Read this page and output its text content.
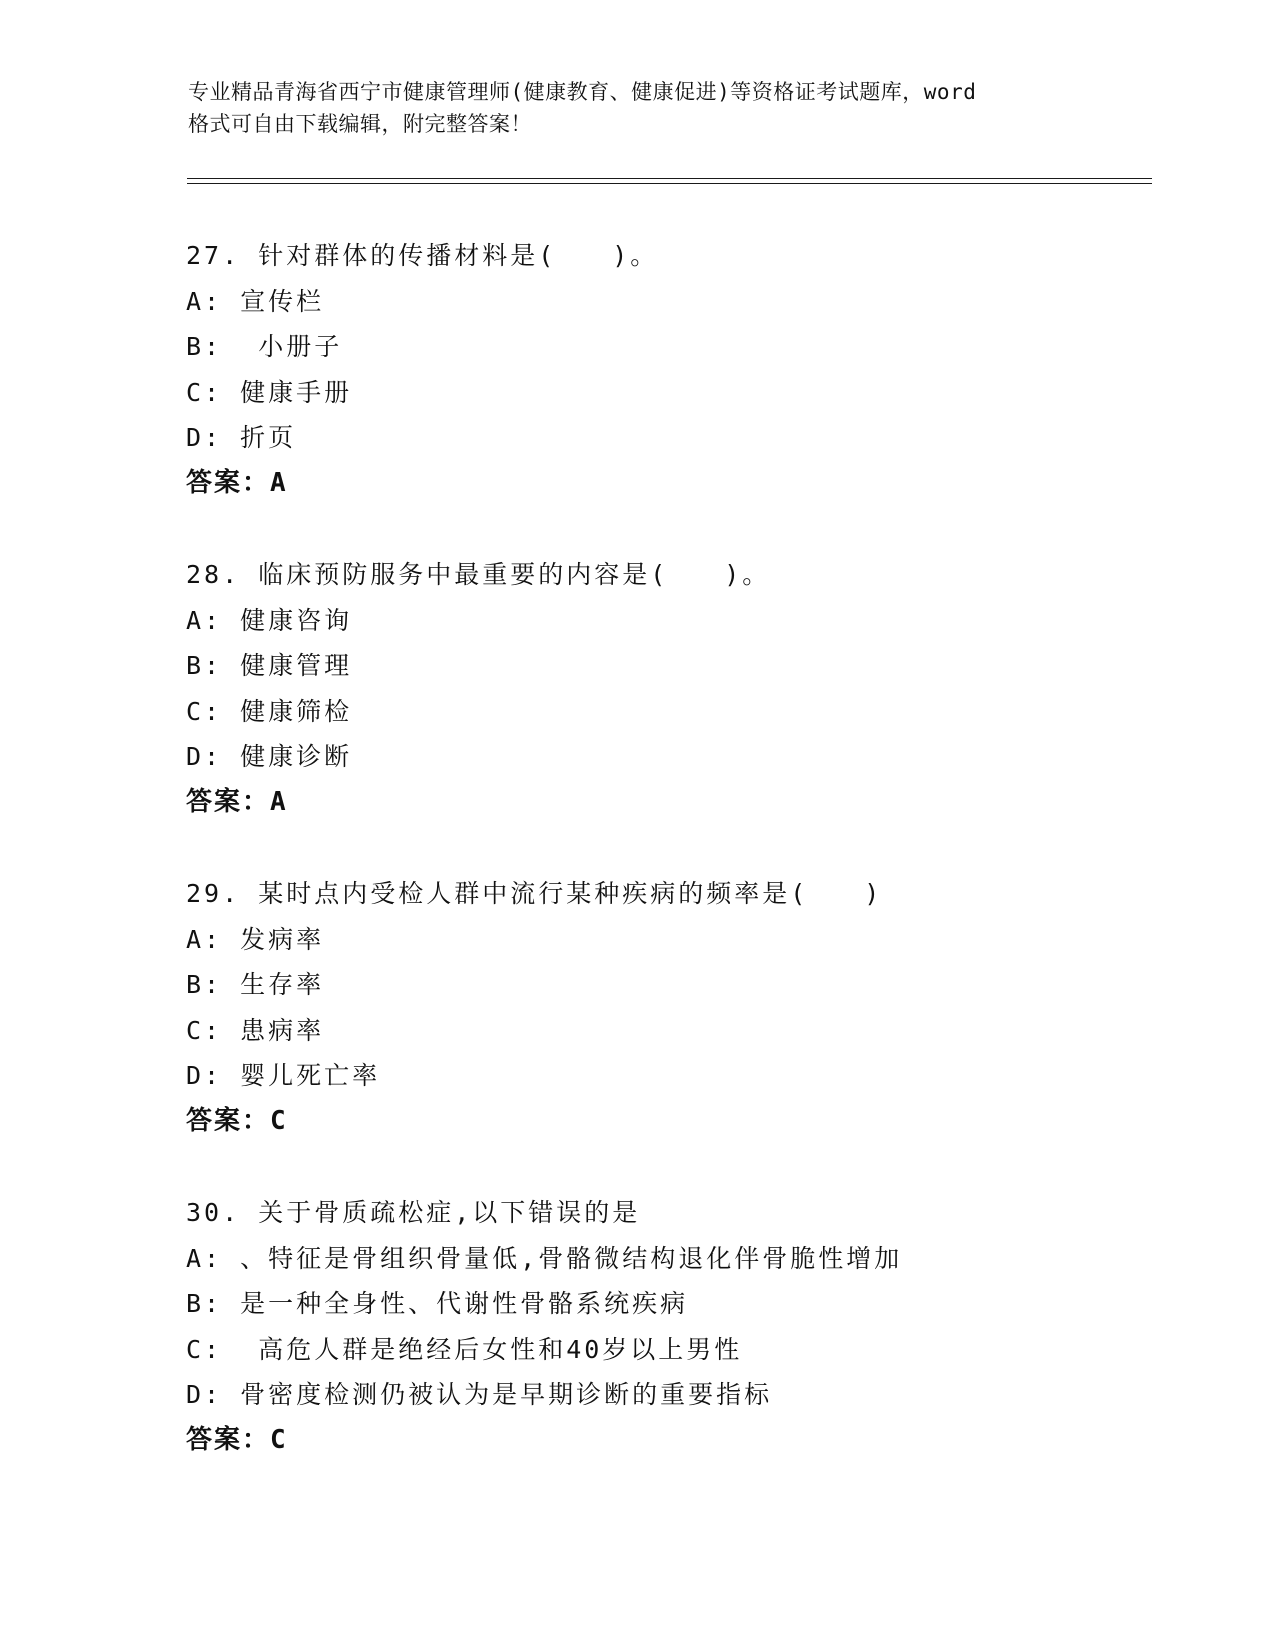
专业精品青海省西宁市健康管理师(健康教育、健康促进)等资格证考试题库，word
格式可自由下载编辑，附完整答案！
27. 针对群体的传播材料是(　　)。
A: 宣传栏
B:  小册子
C: 健康手册
D: 折页
答案：A
28. 临床预防服务中最重要的内容是(　　)。
A: 健康咨询
B: 健康管理
C: 健康筛检
D: 健康诊断
答案：A
29. 某时点内受检人群中流行某种疾病的频率是(　　)
A: 发病率
B: 生存率
C: 患病率
D: 婴儿死亡率
答案：C
30. 关于骨质疏松症,以下错误的是
A: 、特征是骨组织骨量低,骨骼微结构退化伴骨脆性增加
B: 是一种全身性、代谢性骨骼系统疾病
C:  高危人群是绝经后女性和40岁以上男性
D: 骨密度检测仍被认为是早期诊断的重要指标
答案：C
